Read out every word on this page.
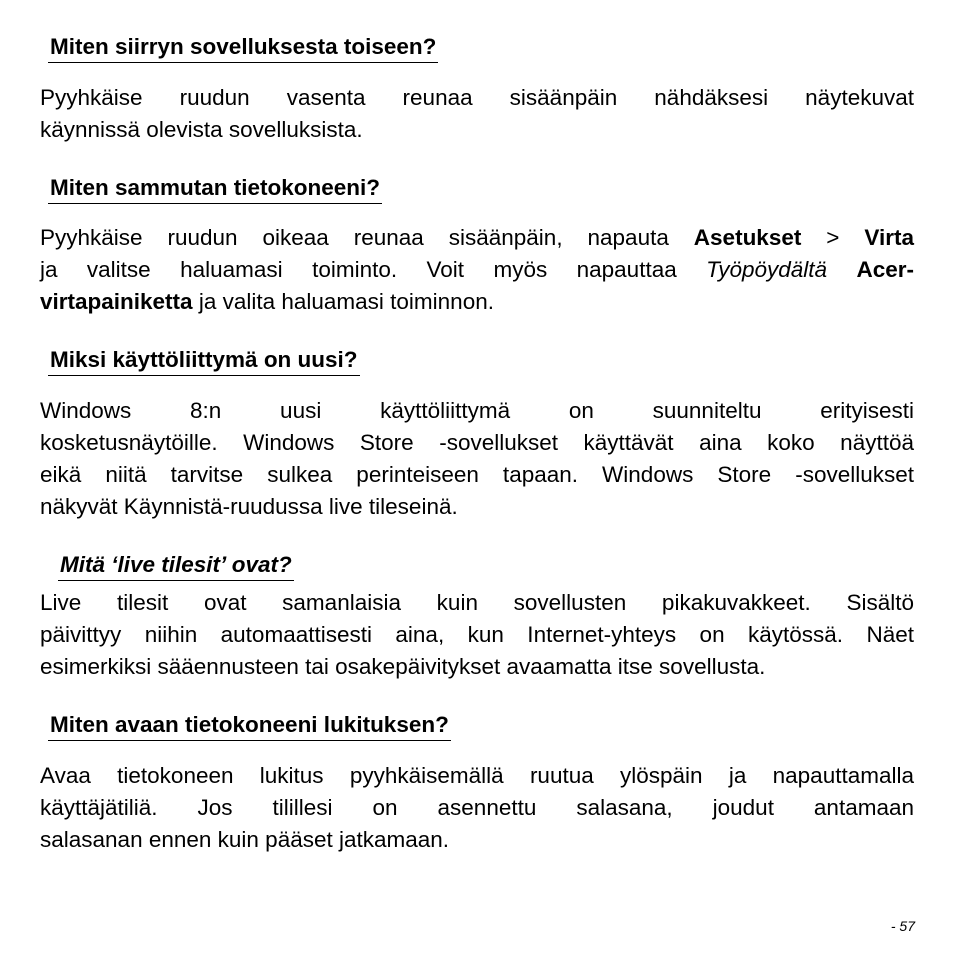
Miten siirryn sovelluksesta toiseen?

Pyyhkäise ruudun vasenta reunaa sisäänpäin nähdäksesi näytekuvat
käynnissä olevista sovelluksista.

Miten sammutan tietokoneeni?

Pyyhkäise ruudun oikeaa reunaa sisäänpäin, napauta Asetukset > Virta
ja valitse haluamasi toiminto. Voit myös napauttaa Työpöydältä Acer-
virtapainiketta ja valita haluamasi toiminnon.

Miksi käyttöliittymä on uusi?

Windows 8:n uusi käyttöliittymä on suunniteltu erityisesti
kosketusnäytöille. Windows Store -sovellukset käyttävät aina koko näyttöä
eikä niitä tarvitse sulkea perinteiseen tapaan. Windows Store -sovellukset
näkyvät Käynnistä-ruudussa live tileseinä.

Mitä ‘live tilesit’ ovat?

Live tilesit ovat samanlaisia kuin sovellusten pikakuvakkeet. Sisältö
päivittyy niihin automaattisesti aina, kun Internet-yhteys on käytössä. Näet
esimerkiksi sääennusteen tai osakepäivitykset avaamatta itse sovellusta.

Miten avaan tietokoneeni lukituksen?

Avaa tietokoneen lukitus pyyhkäisemällä ruutua ylöspäin ja napauttamalla
käyttäjätiliä. Jos tilillesi on asennettu salasana, joudut antamaan
salasanan ennen kuin pääset jatkamaan.

- 57
